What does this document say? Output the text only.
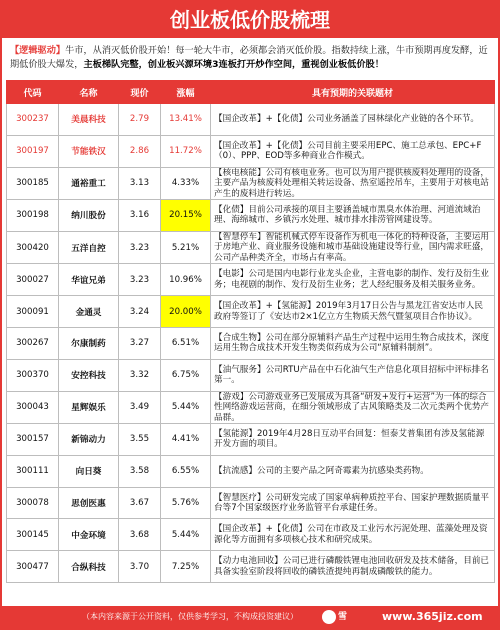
创业板低价股梳理
【逻辑驱动】牛市，从消灭低价股开始！每一轮大牛市，必须都会消灭低价股。指数持续上涨，牛市预期再度发酵，近期低价股大爆发，主板梯队完整，创业板兴源环境3连板打开炒作空间，重视创业板低价股！
代码	名称	现价	涨幅	具有预期的关联题材
300237	美晨科技	2.79	13.41%	【国企改革】+【化债】公司业务涵盖了园林绿化产业链的各个环节。
300197	节能铁汉	2.86	11.72%	【国企改革】+【化债】公司目前主要采用EPC、施工总承包、EPC+F（0）、PPP、EOD等多种商业合作模式。
300185	通裕重工	3.13	4.33%	【核电核能】公司有核电业务。也可以为用户提供核废料处理用的设备，主要产品为核废料处理相关转运设备、热室遥控吊车，主要用于对核电站产生的废料进行转运。
300198	纳川股份	3.16	20.15%	【化债】目前公司承接的项目主要涵盖城市黑臭水体治理、河道流域治理、海绵城市、乡镇污水处理、城市排水排涝管网建设等。
300420	五洋自控	3.23	5.21%	【智慧停车】智能机械式停车设备作为机电一体化的特种设备，主要运用于房地产业、商业服务设施和城市基础设施建设等行业，国内需求旺盛，公司产品种类齐全，市场占有率高。
300027	华谊兄弟	3.23	10.96%	【电影】公司是国内电影行业龙头企业，主营电影的制作、发行及衍生业务；电视剧的制作、发行及衍生业务；艺人经纪服务及相关服务业务。
300091	金通灵	3.24	20.00%	【国企改革】+【氢能源】2019年3月17日公告与黑龙江省安达市人民政府等签订了《安达市2×1亿立方生物质天然气暨氢项目合作协议》。
300267	尔康制药	3.27	6.51%	【合成生物】公司在部分原辅料产品生产过程中运用生物合成技术，深度运用生物合成技术开发生物类似药成为公司“原辅料制剂”。
300370	安控科技	3.32	6.75%	【油气服务】公司RTU产品在中石化油气生产信息化项目招标中评标排名第一。
300043	星辉娱乐	3.49	5.44%	【游戏】公司游戏业务已发展成为具备“研发+发行+运营”为一体的综合性网络游戏运营商，在细分领域形成了古风策略类及二次元类两个优势产品群。
300157	新锦动力	3.55	4.41%	【氢能源】2019年4月28日互动平台回复：恒泰艾普集团有涉及氢能源开发方面的项目。
300111	向日葵	3.58	6.55%	【抗流感】公司的主要产品之阿奇霉素为抗感染类药物。
300078	思创医惠	3.67	5.76%	【智慧医疗】公司研发完成了国家单病种质控平台、国家护理数据质量平台等7个国家级医疗业务监管平台承建任务。
300145	中金环境	3.68	5.44%	【国企改革】+【化债】公司在市政及工业污水污泥处理、蓝藻处理及资源化等方面拥有多项核心技术和研究成果。
300477	合纵科技	3.70	7.25%	【动力电池回收】公司已进行磷酸铁锂电池回收研发及技术储备，目前已具备实验室阶段将回收的磷铁渣提纯再制成磷酸铁的能力。
（本内容来源于公开资料，仅供参考学习，不构成投资建议）	雪	www.365jiz.com
